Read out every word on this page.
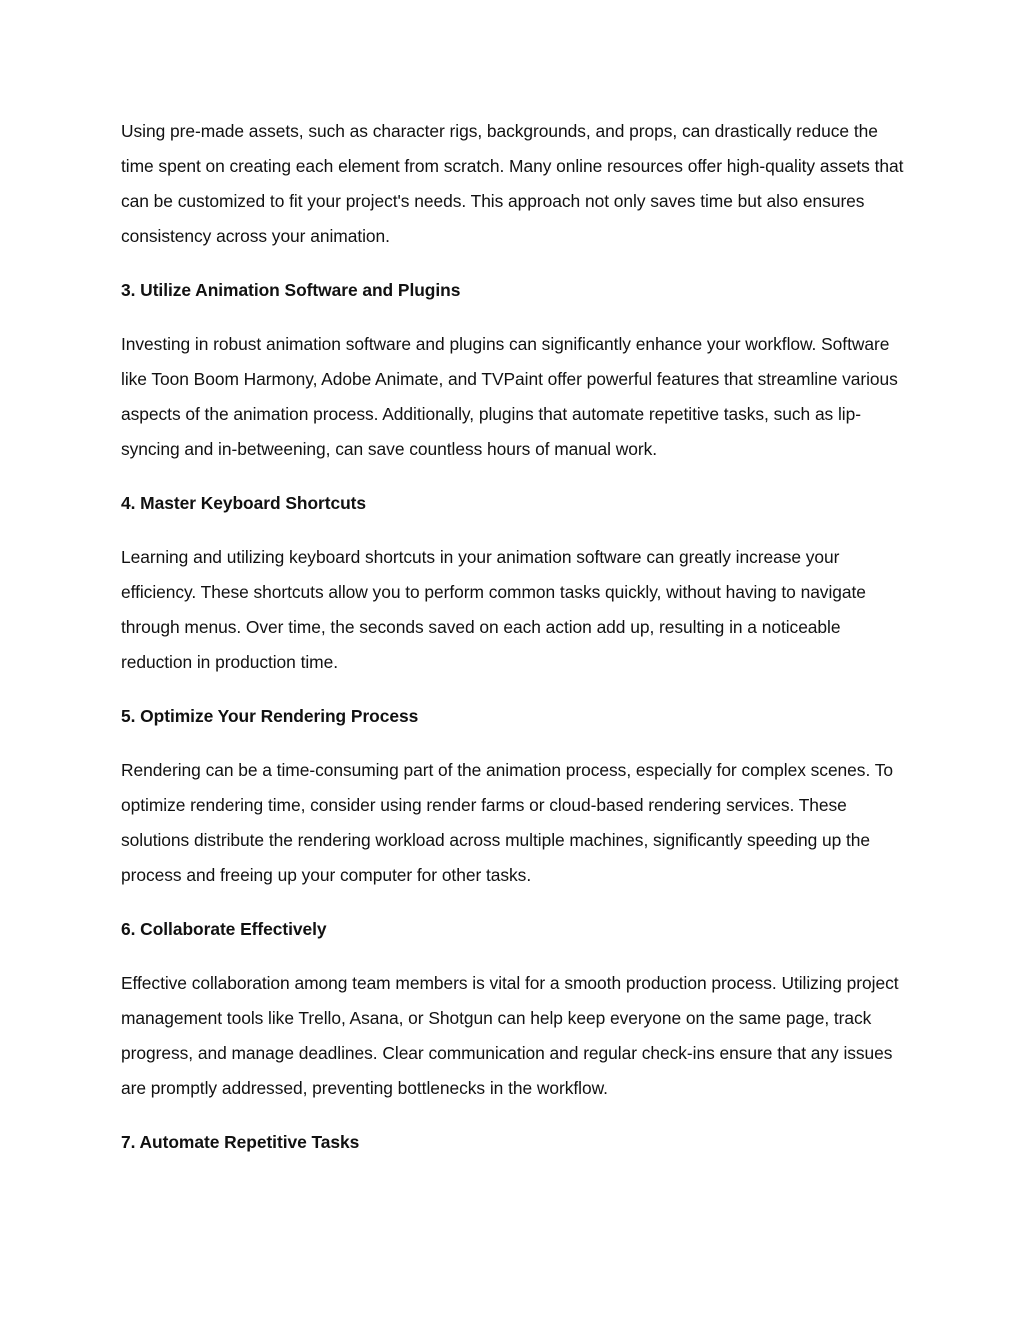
Using pre-made assets, such as character rigs, backgrounds, and props, can drastically reduce the time spent on creating each element from scratch. Many online resources offer high-quality assets that can be customized to fit your project's needs. This approach not only saves time but also ensures consistency across your animation.

3. Utilize Animation Software and Plugins

Investing in robust animation software and plugins can significantly enhance your workflow. Software like Toon Boom Harmony, Adobe Animate, and TVPaint offer powerful features that streamline various aspects of the animation process. Additionally, plugins that automate repetitive tasks, such as lip-syncing and in-betweening, can save countless hours of manual work.

4. Master Keyboard Shortcuts

Learning and utilizing keyboard shortcuts in your animation software can greatly increase your efficiency. These shortcuts allow you to perform common tasks quickly, without having to navigate through menus. Over time, the seconds saved on each action add up, resulting in a noticeable reduction in production time.

5. Optimize Your Rendering Process

Rendering can be a time-consuming part of the animation process, especially for complex scenes. To optimize rendering time, consider using render farms or cloud-based rendering services. These solutions distribute the rendering workload across multiple machines, significantly speeding up the process and freeing up your computer for other tasks.

6. Collaborate Effectively

Effective collaboration among team members is vital for a smooth production process. Utilizing project management tools like Trello, Asana, or Shotgun can help keep everyone on the same page, track progress, and manage deadlines. Clear communication and regular check-ins ensure that any issues are promptly addressed, preventing bottlenecks in the workflow.

7. Automate Repetitive Tasks
